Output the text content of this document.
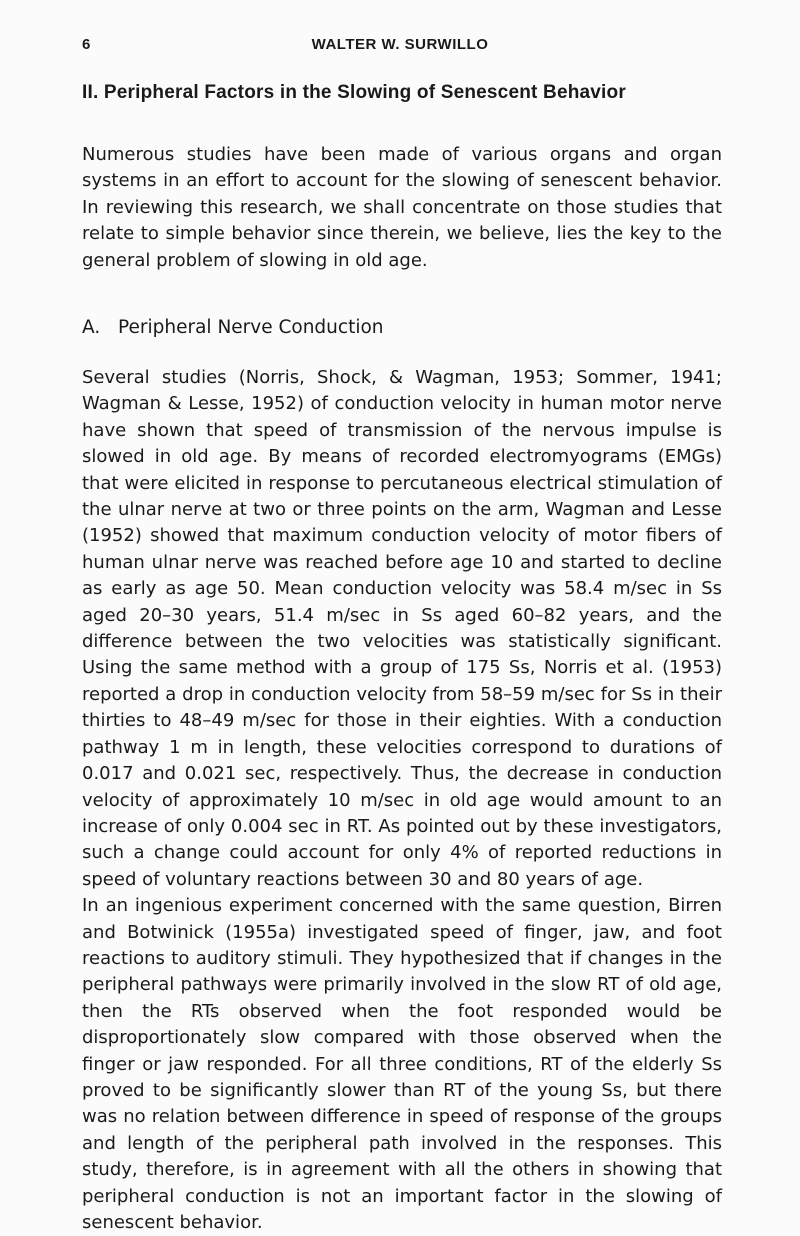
6	WALTER W. SURWILLO
II. Peripheral Factors in the Slowing of Senescent Behavior

Numerous studies have been made of various organs and organ systems in an effort to account for the slowing of senescent behavior. In reviewing this research, we shall concentrate on those studies that relate to simple behavior since therein, we believe, lies the key to the general problem of slowing in old age.

A. Peripheral Nerve Conduction

Several studies (Norris, Shock, & Wagman, 1953; Sommer, 1941; Wagman & Lesse, 1952) of conduction velocity in human motor nerve have shown that speed of transmission of the nervous impulse is slowed in old age. By means of recorded electromyograms (EMGs) that were elicited in response to percutaneous electrical stimulation of the ulnar nerve at two or three points on the arm, Wagman and Lesse (1952) showed that maximum conduction velocity of motor fibers of human ulnar nerve was reached before age 10 and started to decline as early as age 50. Mean conduction velocity was 58.4 m/sec in Ss aged 20–30 years, 51.4 m/sec in Ss aged 60–82 years, and the difference between the two velocities was statistically significant. Using the same method with a group of 175 Ss, Norris et al. (1953) reported a drop in conduction velocity from 58–59 m/sec for Ss in their thirties to 48–49 m/sec for those in their eighties. With a conduction pathway 1 m in length, these velocities correspond to durations of 0.017 and 0.021 sec, respectively. Thus, the decrease in conduction velocity of approximately 10 m/sec in old age would amount to an increase of only 0.004 sec in RT. As pointed out by these investigators, such a change could account for only 4% of reported reductions in speed of voluntary reactions between 30 and 80 years of age.

In an ingenious experiment concerned with the same question, Birren and Botwinick (1955a) investigated speed of finger, jaw, and foot reactions to auditory stimuli. They hypothesized that if changes in the peripheral pathways were primarily involved in the slow RT of old age, then the RTs observed when the foot responded would be disproportionately slow compared with those observed when the finger or jaw responded. For all three conditions, RT of the elderly Ss proved to be significantly slower than RT of the young Ss, but there was no relation between difference in speed of response of the groups and length of the peripheral path involved in the responses. This study, therefore, is in agreement with all the others in showing that peripheral conduction is not an important factor in the slowing of senescent behavior.
